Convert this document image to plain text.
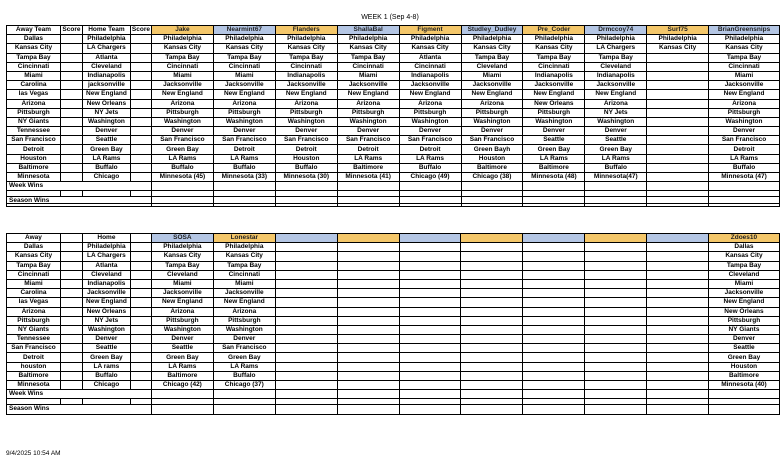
WEEK 1 (Sep 4-8)
Away Team	Score	Home Team	Score	Jake	Nearmint67	Flanders	ShallaBal	Figment	Studley_Dudley	Pre_Coder	Drmccoy74	Surf75	BrianGreensnips
Dallas		Philadelphia		Philadelphia	Philadelphia	Philadelphia	Philadelphia	Philadelphia	Philadelphia	Philadelphia	Philadelphia	Philadelphia	Philadelphia
Kansas City		LA Chargers		Kansas City	Kansas City	Kansas City	Kansas City	Kansas City	Kansas City	Kansas City	LA Chargers	Kansas City	Kansas City
Tampa Bay		Atlanta		Tampa Bay	Tampa Bay	Tampa Bay	Tampa Bay	Atlanta	Tampa Bay	Tampa Bay	Tampa Bay		Tampa Bay
Cincinnati		Cleveland		Cincinnati	Cincinnati	Cincinnati	Cincinnati	Cincinnati	Cleveland	Cincinnati	Cleveland		Cincinnati
Miami		Indianapolis		Miami	Miami	Indianapolis	Miami	Indianapolis	Miami	Indianapolis	Indianapolis		Miami
Carolina		jacksonville		Jacksonville	Jacksonville	Jacksonville	Jacksonville	Jacksonville	Jacksonville	Jacksonville	Jacksonville		Jacksonville
las Vegas		New England		New England	New England	New England	New England	New England	New England	New England	New England		New England
Arizona		New Orleans		Arizona	Arizona	Arizona	Arizona	Arizona	Arizona	New Orleans	Arizona		Arizona
Pittsburgh		NY Jets		Pittsburgh	Pittsburgh	Pittsburgh	Pittsburgh	Pittsburgh	Pittsburgh	Pittsburgh	NY Jets		Pittsburgh
NY Giants		Washington		Washington	Washington	Washington	Washington	Washington	Washington	Washington	Washington		Washington
Tennessee		Denver		Denver	Denver	Denver	Denver	Denver	Denver	Denver	Denver		Denver
San Francisco		Seattle		San Francisco	San Francisco	San Francisco	San Francisco	San Francisco	San Francisco	Seattle	Seattle		San Francisco
Detroit		Green Bay		Green Bay	Detroit	Detroit	Detroit	Detroit	Green Bayh	Green Bay	Green Bay		Detroit
Houston		LA Rams		LA Rams	LA Rams	Houston	LA Rams	LA Rams	Houston	LA Rams	LA Rams		LA Rams
Baltimore		Buffalo		Buffalo	Buffalo	Buffalo	Baltimore	Buffalo	Baltimore	Baltimore	Buffalo		Buffalo
Minnesota		Chicago		Minnesota (45)	Minnesota (33)	Minnesota (30)	Minnesota (41)	Chicago (49)	Chicago (38)	Minnesota (48)	Minnesota(47)		Minnesota (47)
Week Wins													

Season Wins													
Away		Home		SOSA	Lonestar								Zdoes10
Dallas		Philadelphia		Philadelphia	Philadelphia								Dallas
Kansas City		LA Chargers		Kansas City	Kansas City								Kansas City
Tampa Bay		Atlanta		Tampa Bay	Tampa Bay								Tampa Bay
Cincinnati		Cleveland		Cleveland	Cincinnati								Cleveland
Miami		Indianapolis		Miami	Miami								Miami
Carolina		Jacksonville		Jacksonville	Jacksonville								Jacksonville
las Vegas		New England		New England	New England								New England
Arizona		New Orleans		Arizona	Arizona								New Orleans
Pittsburgh		NY Jets		Pittsburgh	Pittsburgh								Pittsburgh
NY Giants		Washington		Washington	Washington								NY Giants
Tennessee		Denver		Denver	Denver								Denver
San Francisco		Seattle		Seattle	San Francisco								Seattle
Detroit		Green Bay		Green Bay	Green Bay								Green Bay
houston		LA rams		LA Rams	LA Rams								Houston
Baltimore		Buffalo		Baltimore	Buffalo								Baltimore
Minnesota		Chicago		Chicago (42)	Chicago (37)								Minnesota (40)
Week Wins													

Season Wins													
9/4/2025 10:54 AM
